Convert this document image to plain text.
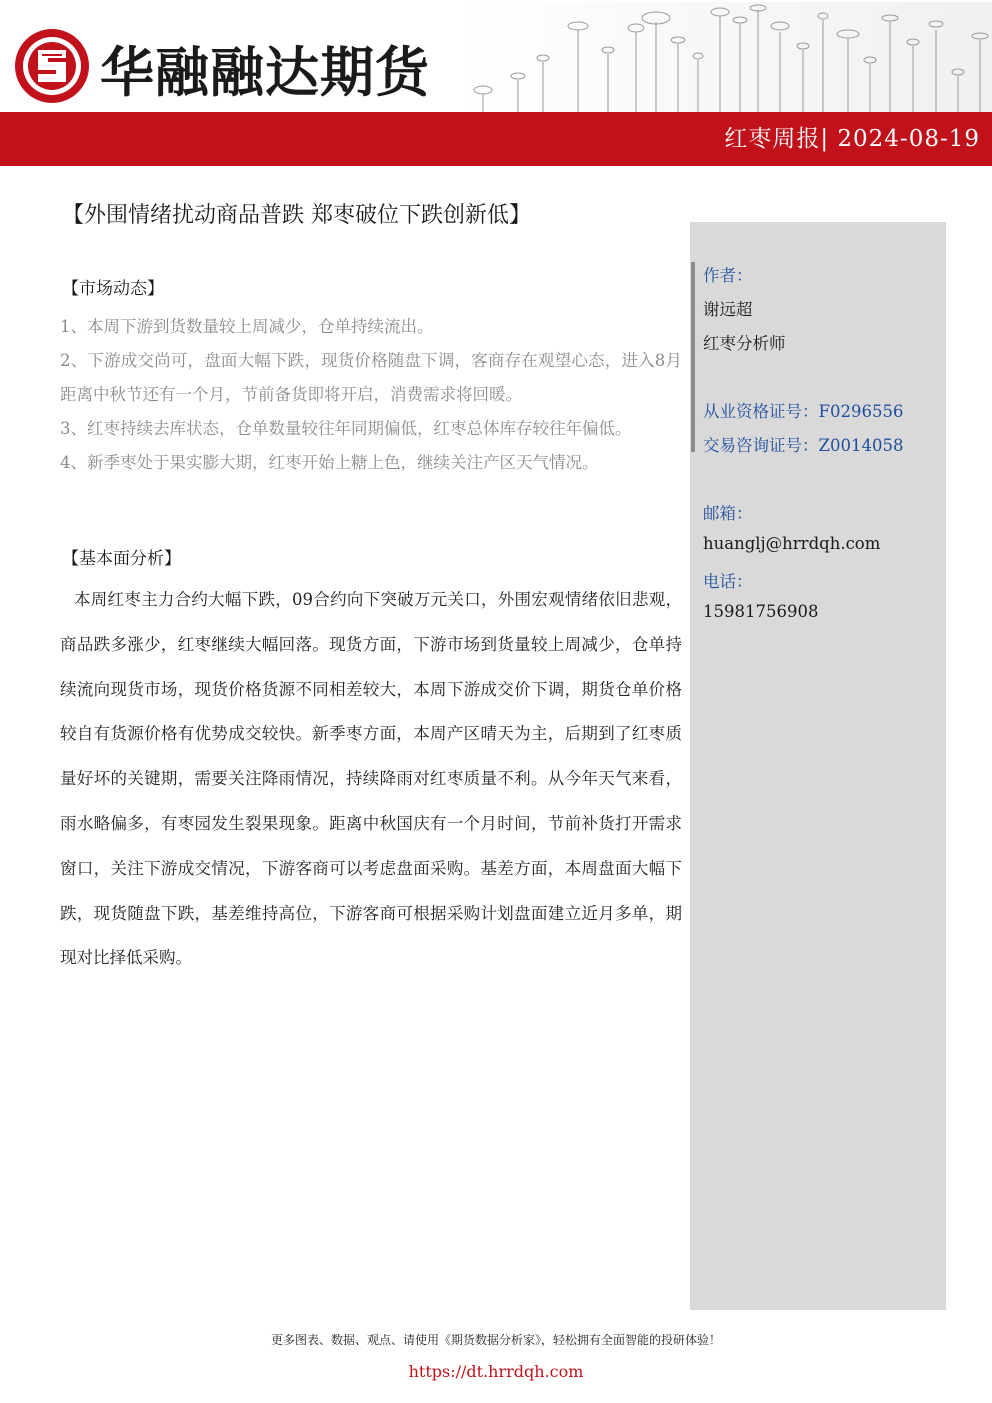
华融融达期货
红枣周报| 2024-08-19
【外围情绪扰动商品普跌 郑枣破位下跌创新低】
【市场动态】

1、本周下游到货数量较上周减少，仓单持续流出。

2、下游成交尚可，盘面大幅下跌，现货价格随盘下调，客商存在观望心态，进入8月距离中秋节还有一个月，节前备货即将开启，消费需求将回暖。

3、红枣持续去库状态，仓单数量较往年同期偏低，红枣总体库存较往年偏低。

4、新季枣处于果实膨大期，红枣开始上糖上色，继续关注产区天气情况。

【基本面分析】

本周红枣主力合约大幅下跌，09合约向下突破万元关口，外围宏观情绪依旧悲观，商品跌多涨少，红枣继续大幅回落。现货方面，下游市场到货量较上周减少，仓单持续流向现货市场，现货价格货源不同相差较大，本周下游成交价下调，期货仓单价格较自有货源价格有优势成交较快。新季枣方面，本周产区晴天为主，后期到了红枣质量好坏的关键期，需要关注降雨情况，持续降雨对红枣质量不利。从今年天气来看，雨水略偏多，有枣园发生裂果现象。距离中秋国庆有一个月时间，节前补货打开需求窗口，关注下游成交情况，下游客商可以考虑盘面采购。基差方面，本周盘面大幅下跌，现货随盘下跌，基差维持高位，下游客商可根据采购计划盘面建立近月多单，期现对比择低采购。

作者：
谢远超
红枣分析师
从业资格证号：F0296556
交易咨询证号：Z0014058
邮箱：
huanglj@hrrdqh.com
电话：
15981756908
更多图表、数据、观点、请使用《期货数据分析家》，轻松拥有全面智能的投研体验！
https://dt.hrrdqh.com
